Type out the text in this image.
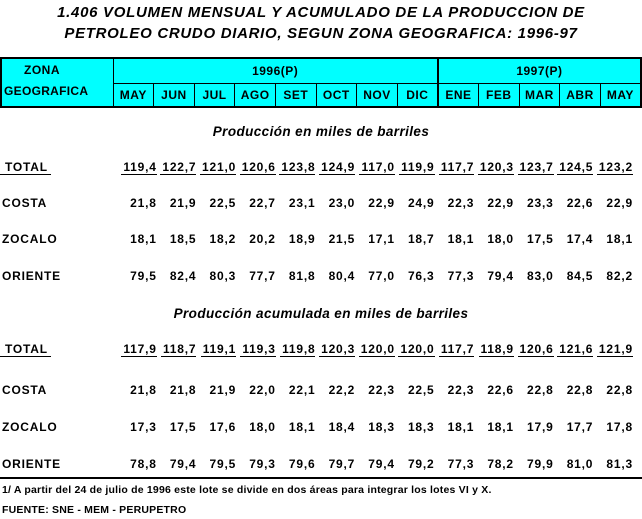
1.406 VOLUMEN MENSUAL Y ACUMULADO DE LA PRODUCCION DE
PETROLEO CRUDO DIARIO, SEGUN ZONA GEOGRAFICA: 1996-97
ZONA
GEOGRAFICA	1996(P)								1997(P)				
	MAY	JUN	JUL	AGO	SET	OCT	NOV	DIC	ENE	FEB	MAR	ABR	MAY
Producción en miles de barriles
TOTAL	119,4 122,7 121,0 120,6 123,8 124,9 117,0 119,9 117,7 120,3 123,7 124,5 123,2
COSTA	21,8	21,9	22,5	22,7	23,1	23,0	22,9	24,9	22,3	22,9	23,3	22,6	22,9
ZOCALO	18,1	18,5	18,2	20,2	18,9	21,5	17,1	18,7	18,1	18,0	17,5	17,4	18,1
ORIENTE	79,5	82,4	80,3	77,7	81,8	80,4	77,0	76,3	77,3	79,4	83,0	84,5	82,2
Producción acumulada en miles de barriles
TOTAL	117,9 118,7 119,1 119,3 119,8 120,3 120,0 120,0 117,7 118,9 120,6 121,6 121,9
COSTA	21,8	21,8	21,9	22,0	22,1	22,2	22,3	22,5	22,3	22,6	22,8	22,8	22,8
ZOCALO	17,3	17,5	17,6	18,0	18,1	18,4	18,3	18,3	18,1	18,1	17,9	17,7	17,8
ORIENTE	78,8	79,4	79,5	79,3	79,6	79,7	79,4	79,2	77,3	78,2	79,9	81,0	81,3
1/ A partir del 24 de julio de 1996 este lote se divide en dos áreas para integrar los lotes VI y X.
FUENTE: SNE - MEM - PERUPETRO
